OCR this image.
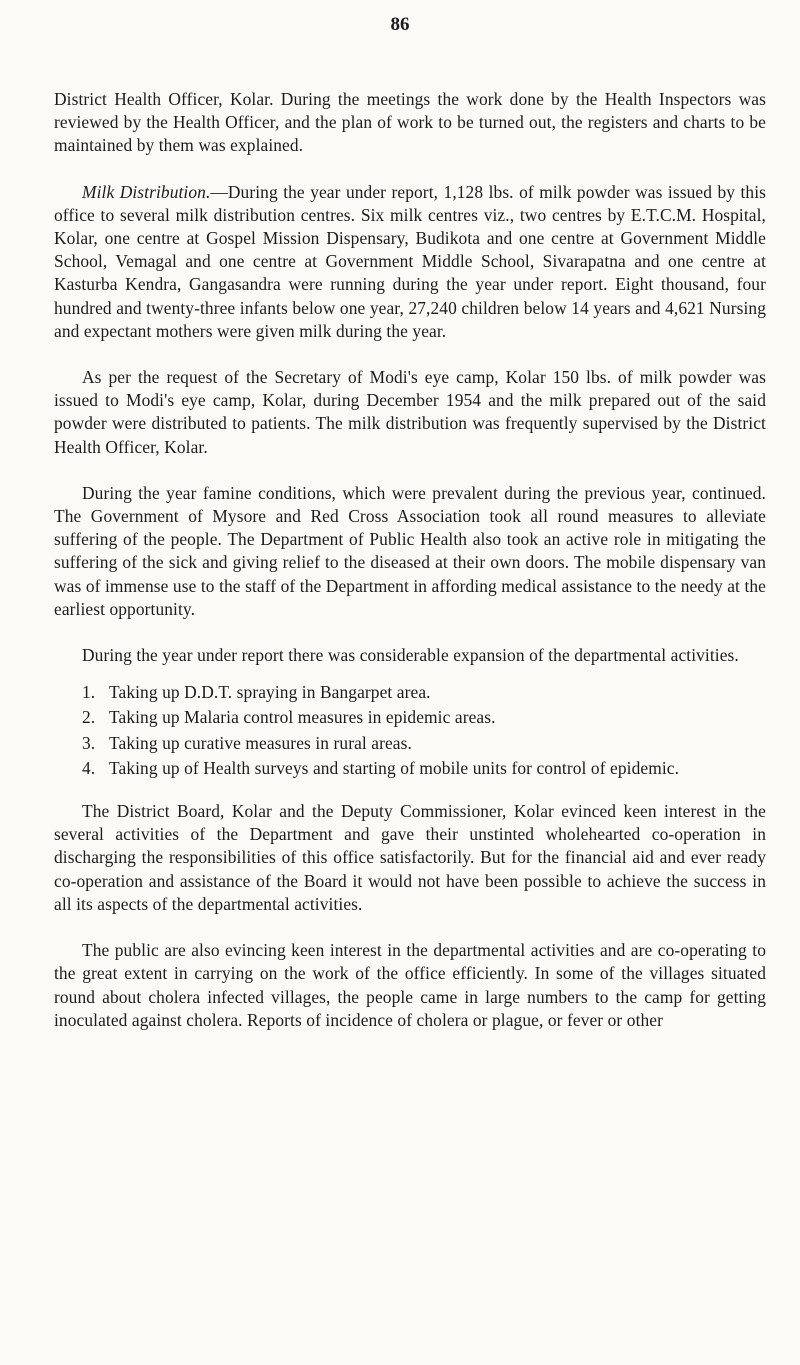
86

District Health Officer, Kolar. During the meetings the work done by the Health Inspectors was reviewed by the Health Officer, and the plan of work to be turned out, the registers and charts to be maintained by them was explained.

Milk Distribution.—During the year under report, 1,128 lbs. of milk powder was issued by this office to several milk distribution centres. Six milk centres viz., two centres by E.T.C.M. Hospital, Kolar, one centre at Gospel Mission Dispensary, Budikota and one centre at Government Middle School, Vemagal and one centre at Government Middle School, Sivarapatna and one centre at Kasturba Kendra, Gangasandra were running during the year under report. Eight thousand, four hundred and twenty-three infants below one year, 27,240 children below 14 years and 4,621 Nursing and expectant mothers were given milk during the year.

As per the request of the Secretary of Modi's eye camp, Kolar 150 lbs. of milk powder was issued to Modi's eye camp, Kolar, during December 1954 and the milk prepared out of the said powder were distributed to patients. The milk distribution was frequently supervised by the District Health Officer, Kolar.

During the year famine conditions, which were prevalent during the previous year, continued. The Government of Mysore and Red Cross Association took all round measures to alleviate suffering of the people. The Department of Public Health also took an active role in mitigating the suffering of the sick and giving relief to the diseased at their own doors. The mobile dispensary van was of immense use to the staff of the Department in affording medical assistance to the needy at the earliest opportunity.

During the year under report there was considerable expansion of the departmental activities.

1. Taking up D.D.T. spraying in Bangarpet area.
2. Taking up Malaria control measures in epidemic areas.
3. Taking up curative measures in rural areas.
4. Taking up of Health surveys and starting of mobile units for control of epidemic.

The District Board, Kolar and the Deputy Commissioner, Kolar evinced keen interest in the several activities of the Department and gave their unstinted wholehearted co-operation in discharging the responsibilities of this office satisfactorily. But for the financial aid and ever ready co-operation and assistance of the Board it would not have been possible to achieve the success in all its aspects of the departmental activities.

The public are also evincing keen interest in the departmental activities and are co-operating to the great extent in carrying on the work of the office efficiently. In some of the villages situated round about cholera infected villages, the people came in large numbers to the camp for getting inoculated against cholera. Reports of incidence of cholera or plague, or fever or other
